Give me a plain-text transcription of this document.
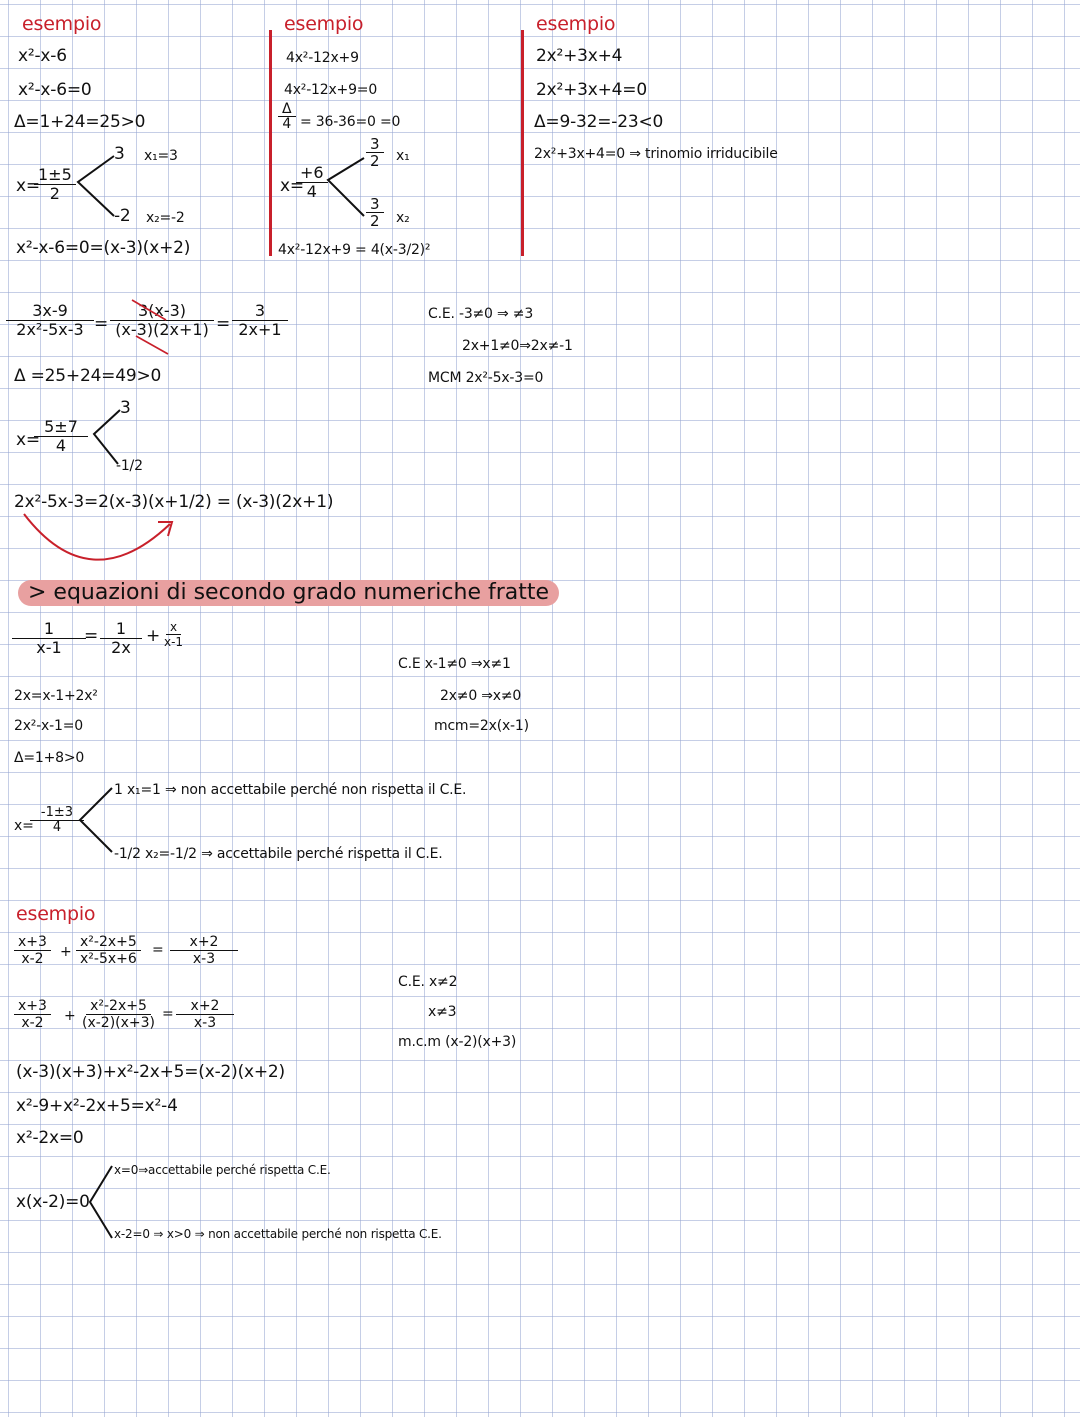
esempio
x²-x-6
x²-x-6=0
Δ=1+24=25>0
x=
$\frac{1\pm 5}{2}$
3 x₁=3
-2 x₂=-2
x²-x-6=0=(x-3)(x+2)
esempio
4x²-12x+9
4x²-12x+9=0
$\frac{\Delta}{4} = 36-36=0 =0$
x=
$\frac{+6}{4}$
$\frac{3}{2} x_1$
$\frac{3}{2} x_2$
4x²-12x+9 = 4(x-3/2)²
esempio
2x²+3x+4
2x²+3x+4=0
Δ=9-32=-23<0
2x²+3x+4=0 ⇒ trinomio irriducibile
$\frac{3x-9}{\text{2x²-5x-3}} = \frac{3(x-3)}{(x-3)(2x+1)} = \frac{3}{2x+1}$
Δ =25+24=49>0
x=
$\frac{5\pm 7}{4}$
3
-1/2
2x²-5x-3=2(x-3)(x+1/2) = (x-3)(2x+1)
C.E. -3≠0 ⇒ ≠3
2x+1≠0⇒2x≠-1
MCM 2x²-5x-3=0
> equazioni di secondo grado numeriche fratte
$\frac{1}{x-1}$
= $\frac{1}{2x} + \frac{x}{x-1}$
C.E x-1≠0 ⇒x≠1
2x≠0 ⇒x≠0
mcm=2x(x-1)
2x=x-1+2x²
2x²-x-1=0
Δ=1+8>0
x=
$\frac{-1\pm 3}{4}$
1 x₁=1 ⇒ non accettabile perché non rispetta il C.E.
-1/2 x₂=-1/2 ⇒ accettabile perché rispetta il C.E.
esempio
$\frac{x+3}{x-2} + \frac{\text{x²-2x+5}}{\text{x²-5x+6}} = \frac{x+2}{x-3}$
$\frac{x+3}{x-2} + \frac{\text{x²-2x+5}}{(x-2)(x+3)} = \frac{x+2}{x-3}$
C.E. x≠2
x≠3
m.c.m (x-2)(x+3)
(x-3)(x+3)+x²-2x+5=(x-2)(x+2)
x²-9+x²-2x+5=x²-4
x²-2x=0
x(x-2)=0
x=0⇒accettabile perché rispetta C.E.
x-2=0 ⇒ x>0 ⇒ non accettabile perché non rispetta C.E.
